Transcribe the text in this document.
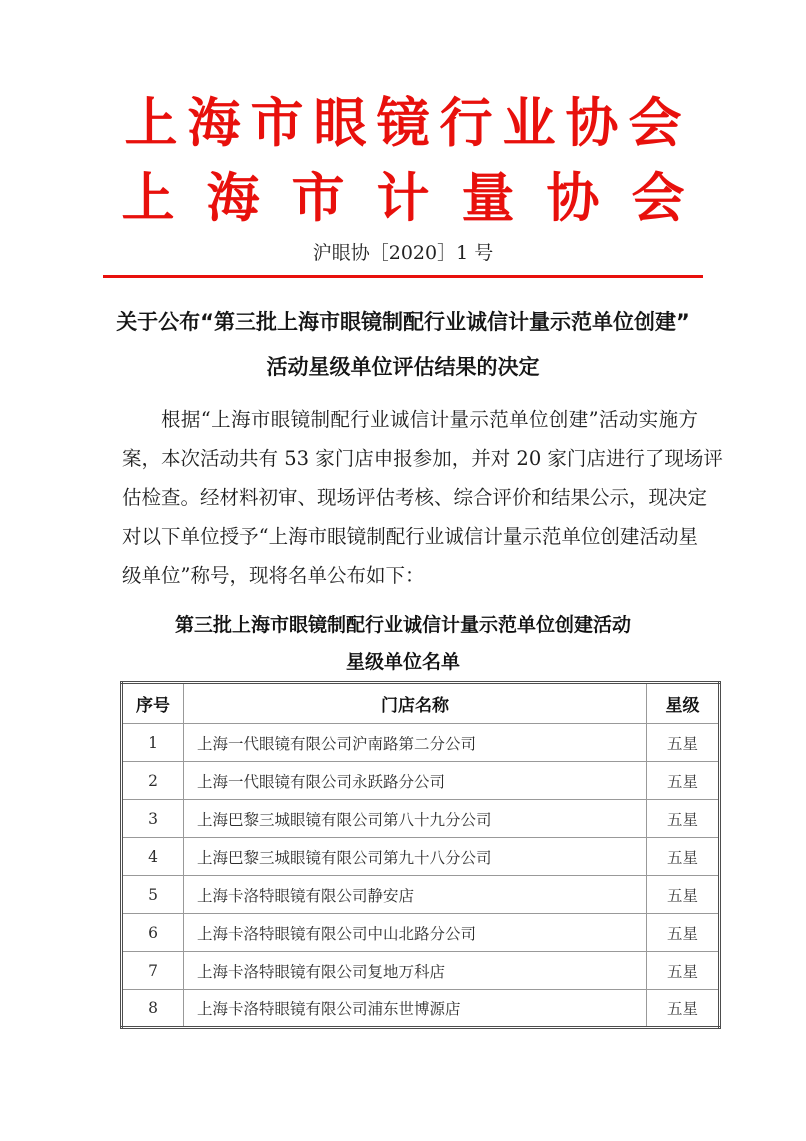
上海市眼镜行业协会
上海市计量协会
沪眼协［2020］1 号
关于公布“第三批上海市眼镜制配行业诚信计量示范单位创建”
活动星级单位评估结果的决定
根据“上海市眼镜制配行业诚信计量示范单位创建”活动实施方
案，本次活动共有 53 家门店申报参加，并对 20 家门店进行了现场评
估检查。经材料初审、现场评估考核、综合评价和结果公示，现决定
对以下单位授予“上海市眼镜制配行业诚信计量示范单位创建活动星
级单位”称号，现将名单公布如下：
第三批上海市眼镜制配行业诚信计量示范单位创建活动
星级单位名单
序号	门店名称	星级
1	上海一代眼镜有限公司沪南路第二分公司	五星
2	上海一代眼镜有限公司永跃路分公司	五星
3	上海巴黎三城眼镜有限公司第八十九分公司	五星
4	上海巴黎三城眼镜有限公司第九十八分公司	五星
5	上海卡洛特眼镜有限公司静安店	五星
6	上海卡洛特眼镜有限公司中山北路分公司	五星
7	上海卡洛特眼镜有限公司复地万科店	五星
8	上海卡洛特眼镜有限公司浦东世博源店	五星
